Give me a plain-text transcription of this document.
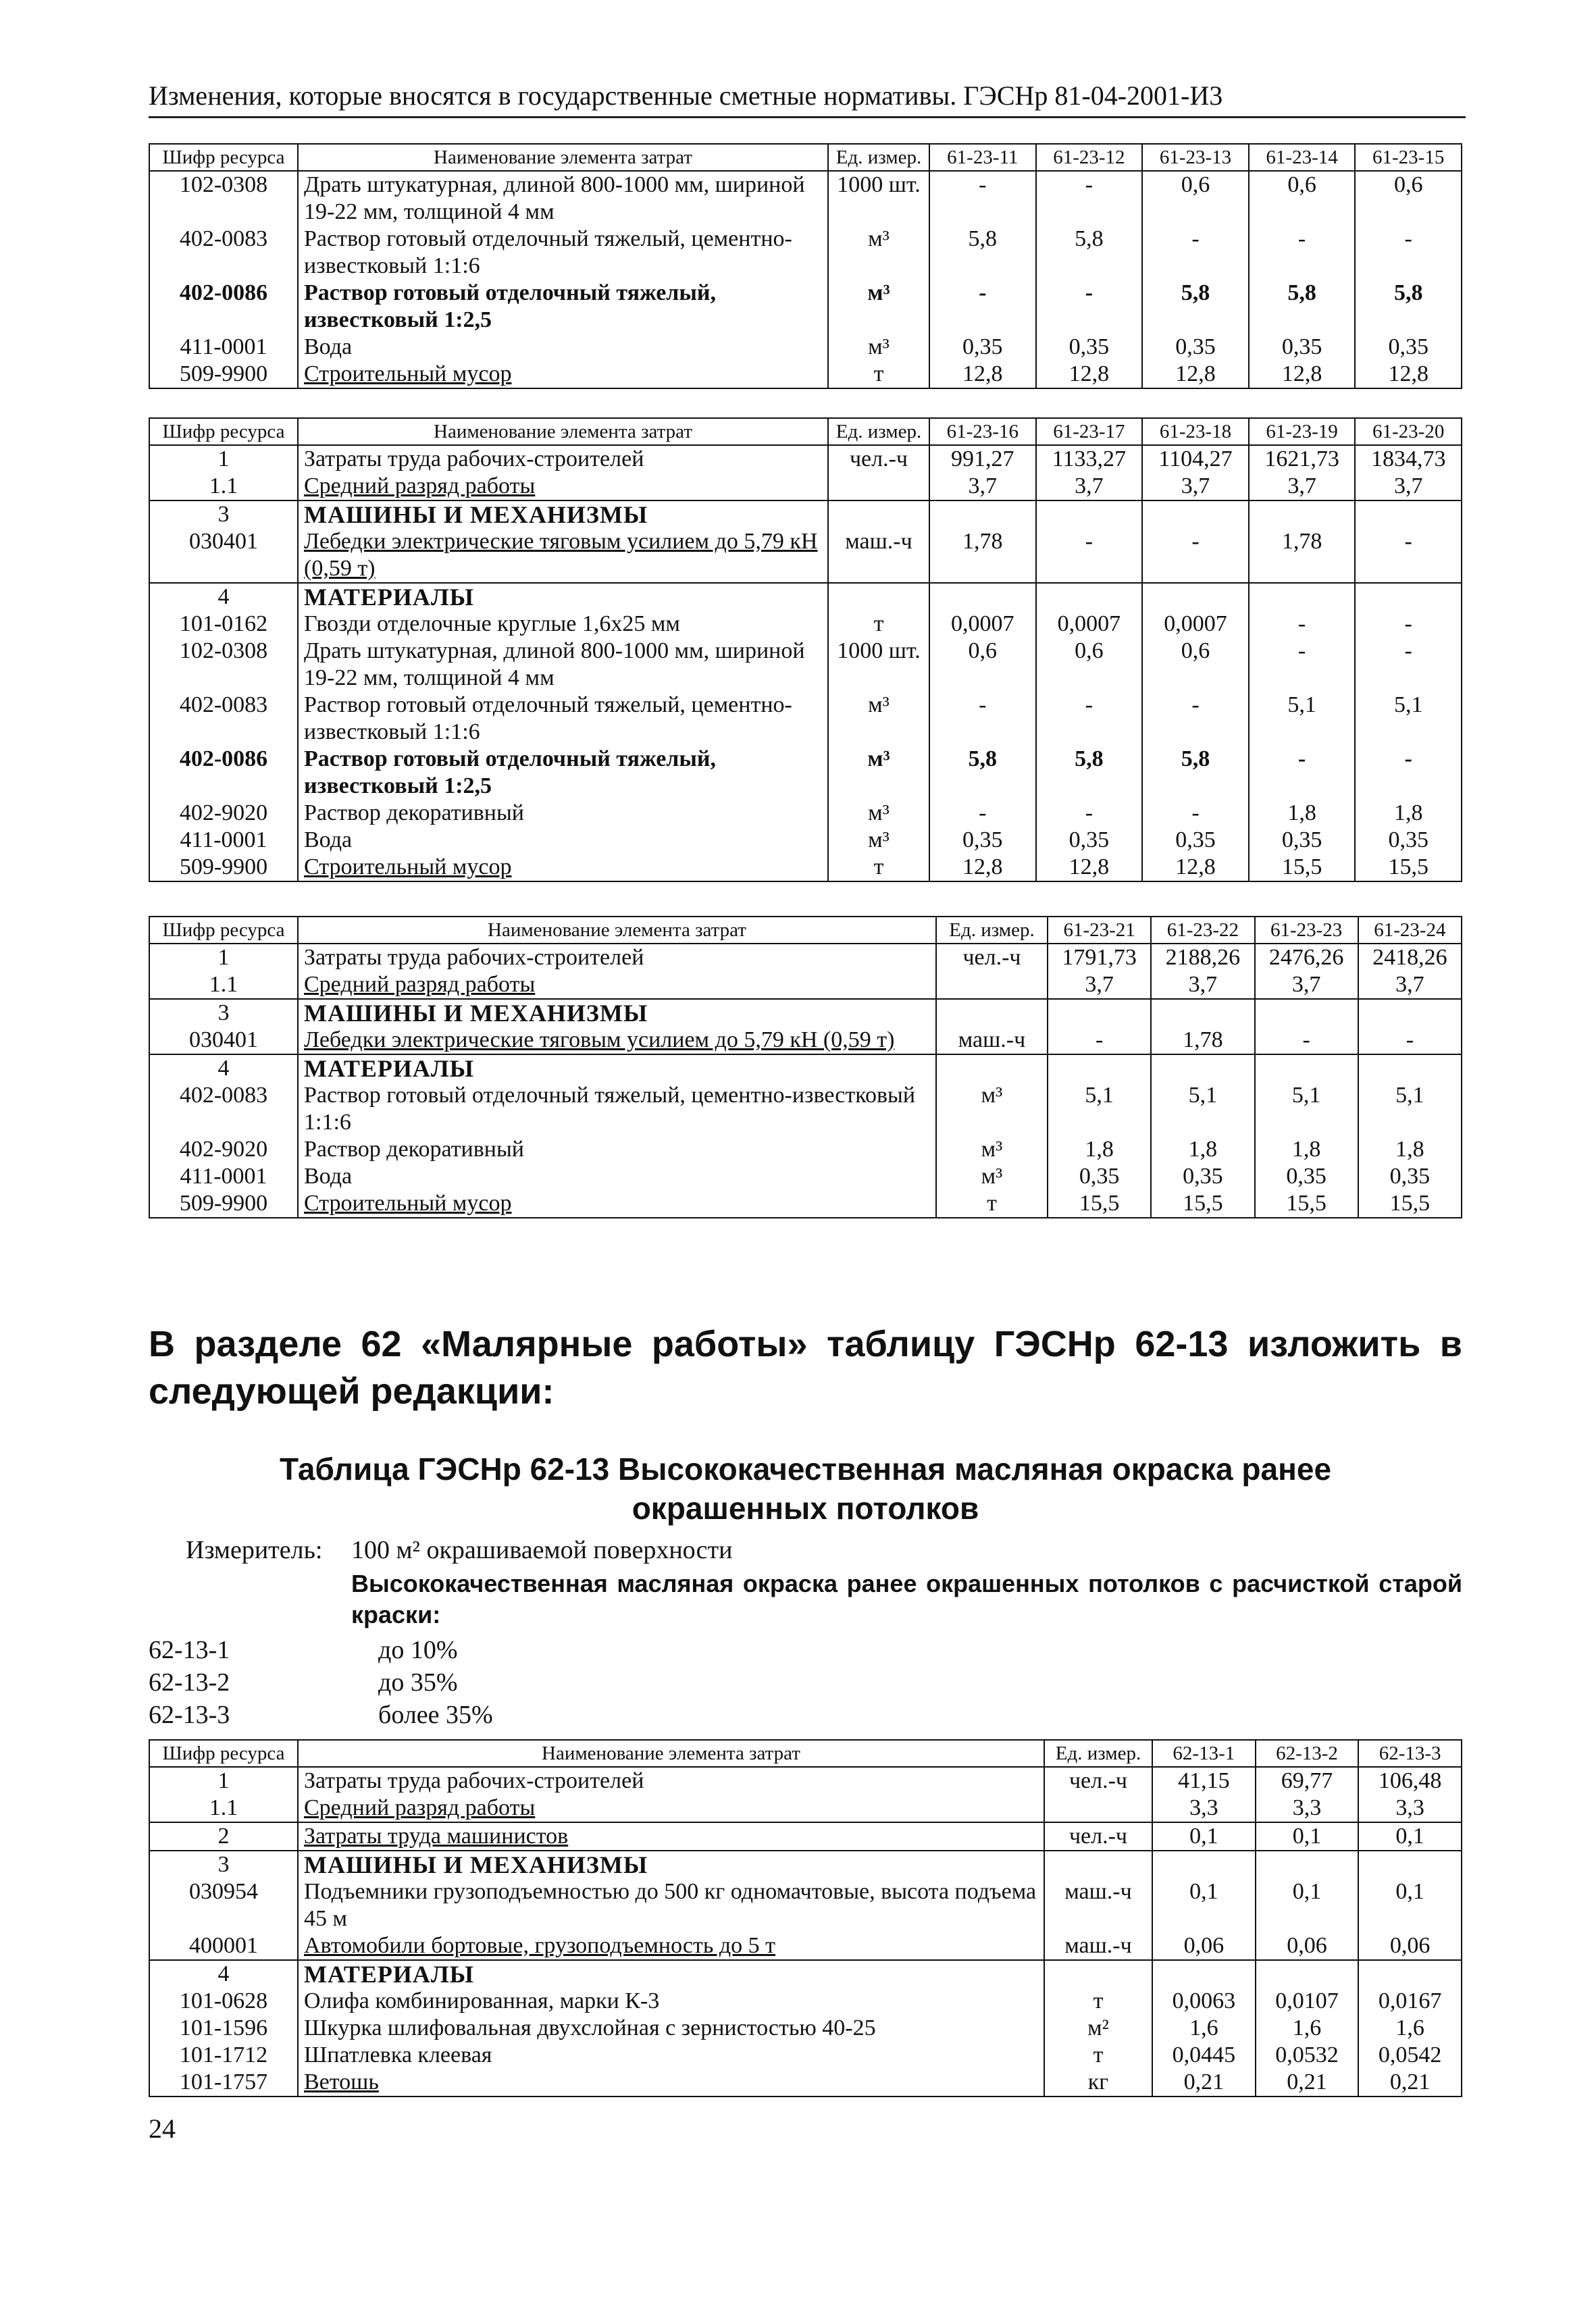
Изменения, которые вносятся в государственные сметные нормативы. ГЭСНр 81-04-2001-И3
Шифр ресурса	Наименование элемента затрат	Ед. измер.	61-23-11	61-23-12	61-23-13	61-23-14	61-23-15
102-0308	Драть штукатурная, длиной 800-1000 мм, шириной 19-22 мм, толщиной 4 мм	1000 шт.	-	-	0,6	0,6	0,6
402-0083	Раствор готовый отделочный тяжелый, цементно-известковый 1:1:6	м³	5,8	5,8	-	-	-
402-0086	Раствор готовый отделочный тяжелый, известковый 1:2,5	м³	-	-	5,8	5,8	5,8
411-0001	Вода	м³	0,35	0,35	0,35	0,35	0,35
509-9900	Строительный мусор	т	12,8	12,8	12,8	12,8	12,8
Шифр ресурса	Наименование элемента затрат	Ед. измер.	61-23-16	61-23-17	61-23-18	61-23-19	61-23-20
1	Затраты труда рабочих-строителей	чел.-ч	991,27	1133,27	1104,27	1621,73	1834,73
1.1	Средний разряд работы		3,7	3,7	3,7	3,7	3,7
3	МАШИНЫ И МЕХАНИЗМЫ						
030401	Лебедки электрические тяговым усилием до 5,79 кН (0,59 т)	маш.-ч	1,78	-	-	1,78	-
4	МАТЕРИАЛЫ						
101-0162	Гвозди отделочные круглые 1,6х25 мм	т	0,0007	0,0007	0,0007	-	-
102-0308	Драть штукатурная, длиной 800-1000 мм, шириной 19-22 мм, толщиной 4 мм	1000 шт.	0,6	0,6	0,6	-	-
402-0083	Раствор готовый отделочный тяжелый, цементно-известковый 1:1:6	м³	-	-	-	5,1	5,1
402-0086	Раствор готовый отделочный тяжелый, известковый 1:2,5	м³	5,8	5,8	5,8	-	-
402-9020	Раствор декоративный	м³	-	-	-	1,8	1,8
411-0001	Вода	м³	0,35	0,35	0,35	0,35	0,35
509-9900	Строительный мусор	т	12,8	12,8	12,8	15,5	15,5
Шифр ресурса	Наименование элемента затрат	Ед. измер.	61-23-21	61-23-22	61-23-23	61-23-24
1	Затраты труда рабочих-строителей	чел.-ч	1791,73	2188,26	2476,26	2418,26
1.1	Средний разряд работы		3,7	3,7	3,7	3,7
3	МАШИНЫ И МЕХАНИЗМЫ					
030401	Лебедки электрические тяговым усилием до 5,79 кН (0,59 т)	маш.-ч	-	1,78	-	-
4	МАТЕРИАЛЫ					
402-0083	Раствор готовый отделочный тяжелый, цементно-известковый 1:1:6	м³	5,1	5,1	5,1	5,1
402-9020	Раствор декоративный	м³	1,8	1,8	1,8	1,8
411-0001	Вода	м³	0,35	0,35	0,35	0,35
509-9900	Строительный мусор	т	15,5	15,5	15,5	15,5
В разделе 62 «Малярные работы» таблицу ГЭСНр 62-13 изложить в следующей редакции:
Таблица ГЭСНр 62-13 Высококачественная масляная окраска ранее окрашенных потолков
Измеритель: 100 м² окрашиваемой поверхности
Высококачественная масляная окраска ранее окрашенных потолков с расчисткой старой краски:
62-13-1	до 10%
62-13-2	до 35%
62-13-3	более 35%
Шифр ресурса	Наименование элемента затрат	Ед. измер.	62-13-1	62-13-2	62-13-3
1	Затраты труда рабочих-строителей	чел.-ч	41,15	69,77	106,48
1.1	Средний разряд работы		3,3	3,3	3,3
2	Затраты труда машинистов	чел.-ч	0,1	0,1	0,1
3	МАШИНЫ И МЕХАНИЗМЫ				
030954	Подъемники грузоподъемностью до 500 кг одномачтовые, высота подъема 45 м	маш.-ч	0,1	0,1	0,1
400001	Автомобили бортовые, грузоподъемность до 5 т	маш.-ч	0,06	0,06	0,06
4	МАТЕРИАЛЫ				
101-0628	Олифа комбинированная, марки К-3	т	0,0063	0,0107	0,0167
101-1596	Шкурка шлифовальная двухслойная с зернистостью 40-25	м²	1,6	1,6	1,6
101-1712	Шпатлевка клеевая	т	0,0445	0,0532	0,0542
101-1757	Ветошь	кг	0,21	0,21	0,21
24
